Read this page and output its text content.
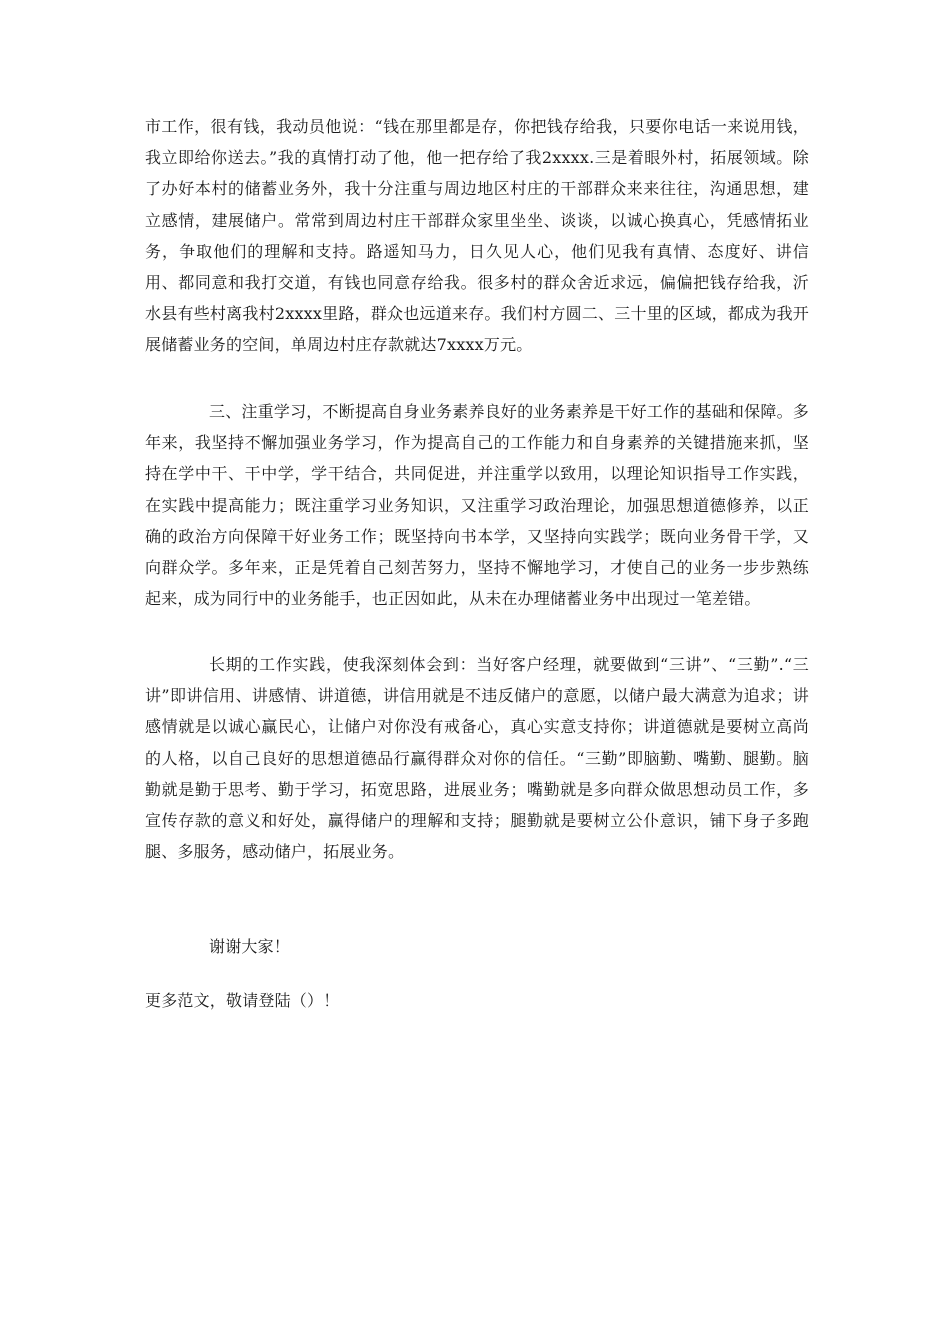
市工作，很有钱，我动员他说：“钱在那里都是存，你把钱存给我，只要你电话一来说用钱，我立即给你送去。”我的真情打动了他，他一把存给了我2xxxx.三是着眼外村，拓展领域。除了办好本村的储蓄业务外，我十分注重与周边地区村庄的干部群众来来往往，沟通思想，建立感情，建展储户。常常到周边村庄干部群众家里坐坐、谈谈，以诚心换真心，凭感情拓业务，争取他们的理解和支持。路遥知马力，日久见人心，他们见我有真情、态度好、讲信用、都同意和我打交道，有钱也同意存给我。很多村的群众舍近求远，偏偏把钱存给我，沂水县有些村离我村2xxxx里路，群众也远道来存。我们村方圆二、三十里的区域，都成为我开展储蓄业务的空间，单周边村庄存款就达7xxxx万元。

三、注重学习，不断提高自身业务素养良好的业务素养是干好工作的基础和保障。多年来，我坚持不懈加强业务学习，作为提高自己的工作能力和自身素养的关键措施来抓，坚持在学中干、干中学，学干结合，共同促进，并注重学以致用，以理论知识指导工作实践，在实践中提高能力；既注重学习业务知识，又注重学习政治理论，加强思想道德修养，以正确的政治方向保障干好业务工作；既坚持向书本学，又坚持向实践学；既向业务骨干学，又向群众学。多年来，正是凭着自己刻苦努力，坚持不懈地学习，才使自己的业务一步步熟练起来，成为同行中的业务能手，也正因如此，从未在办理储蓄业务中出现过一笔差错。

长期的工作实践，使我深刻体会到：当好客户经理，就要做到“三讲”、“三勤”.“三讲”即讲信用、讲感情、讲道德，讲信用就是不违反储户的意愿，以储户最大满意为追求；讲感情就是以诚心赢民心，让储户对你没有戒备心，真心实意支持你；讲道德就是要树立高尚的人格，以自己良好的思想道德品行赢得群众对你的信任。“三勤”即脑勤、嘴勤、腿勤。脑勤就是勤于思考、勤于学习，拓宽思路，进展业务；嘴勤就是多向群众做思想动员工作，多宣传存款的意义和好处，赢得储户的理解和支持；腿勤就是要树立公仆意识，铺下身子多跑腿、多服务，感动储户，拓展业务。

谢谢大家！

更多范文，敬请登陆（）！
